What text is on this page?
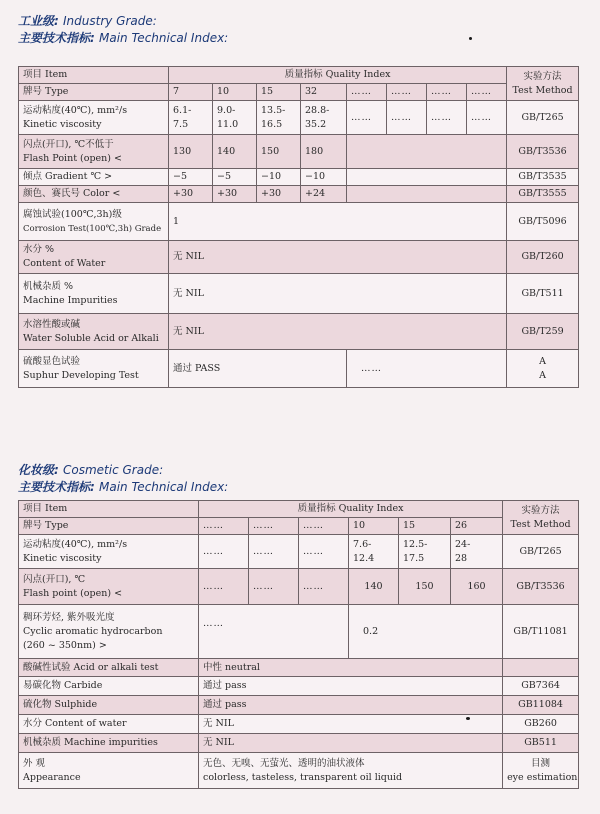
工业级: Industry Grade:
主要技术指标: Main Technical Index:
项目 Item	质量指标 Quality Index								实验方法
Test Method

牌号 Type	7	10	15	32	……	……	……	……	

运动粘度(40℃), mm²/s
Kinetic viscosity	6.1-
7.5	9.0-
11.0	13.5-
16.5	28.8-
35.2	……	……	……	……	GB/T265

闪点(开口), ℃不低于
Flash Point (open) <	130	140	150	180					GB/T3536
倾点 Gradient ℃ >	−5	−5	−10	−10					GB/T3535
颜色、赛氏号 Color <	+30	+30	+30	+24					GB/T3555

腐蚀试验(100℃,3h)级
Corrosion Test(100℃,3h) Grade	1								GB/T5096

水分 %
Content of Water	无 NIL								GB/T260

机械杂质 %
Machine Impurities	无 NIL								GB/T511

水溶性酸或碱
Water Soluble Acid or Alkali	无 NIL								GB/T259

硫酸显色试验
Suphur Developing Test	通过 PASS				……				A
A
化妆级: Cosmetic Grade:
主要技术指标: Main Technical Index:
项目 Item	质量指标 Quality Index						实验方法
Test Method

牌号 Type	……	……	……	10	15	26	

运动粘度(40℃), mm²/s
Kinetic viscosity	……	……	……	7.6-
12.4	12.5-
17.5	24-
28	GB/T265

闪点(开口), ℃
Flash point (open) <	……	……	……	140	150	160	GB/T3536

稠环芳烃, 紫外吸光度
Cyclic aromatic hydrocarbon
(260 ~ 350nm) >	……			0.2			GB/T11081
酸碱性试验 Acid or alkali test	中性 neutral						
易碳化物 Carbide	通过 pass						GB7364
硫化物 Sulphide	通过 pass						GB11084
水分 Content of water	无 NIL						GB260
机械杂质 Machine impurities	无 NIL						GB511

外 观
Appearance	无色、无嗅、无萤光、透明的油状液体
colorless, tasteless, transparent oil liquid						目测
eye estimation
